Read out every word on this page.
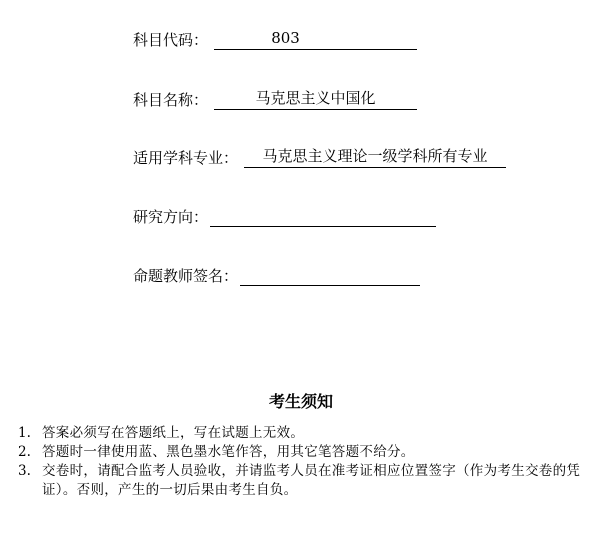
科目代码：	803
科目名称：	马克思主义中国化
适用学科专业：	马克思主义理论一级学科所有专业
研究方向：
命题教师签名：
考生须知
1. 答案必须写在答题纸上，写在试题上无效。
2. 答题时一律使用蓝、黑色墨水笔作答，用其它笔答题不给分。
3. 交卷时，请配合监考人员验收，并请监考人员在准考证相应位置签字（作为考生交卷的凭证）。否则，产生的一切后果由考生自负。
